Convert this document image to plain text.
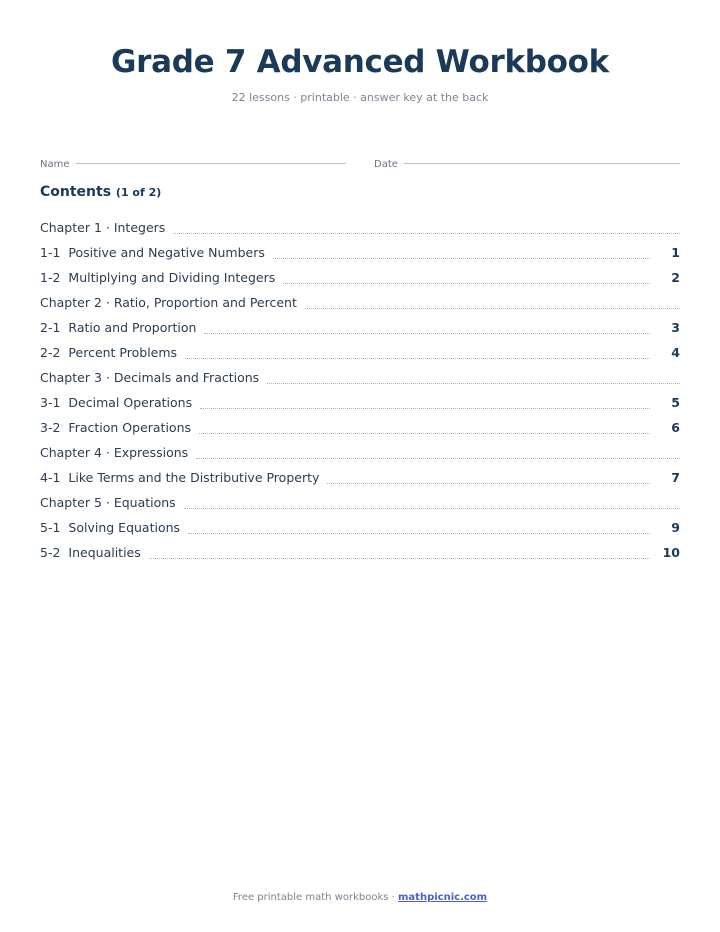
Grade 7 Advanced Workbook
22 lessons · printable · answer key at the back
Name	Date
Contents (1 of 2)
Chapter 1 · Integers
1-1 Positive and Negative Numbers	1
1-2 Multiplying and Dividing Integers	2
Chapter 2 · Ratio, Proportion and Percent
2-1 Ratio and Proportion	3
2-2 Percent Problems	4
Chapter 3 · Decimals and Fractions
3-1 Decimal Operations	5
3-2 Fraction Operations	6
Chapter 4 · Expressions
4-1 Like Terms and the Distributive Property	7
Chapter 5 · Equations
5-1 Solving Equations	9
5-2 Inequalities	10
Free printable math workbooks · mathpicnic.com
